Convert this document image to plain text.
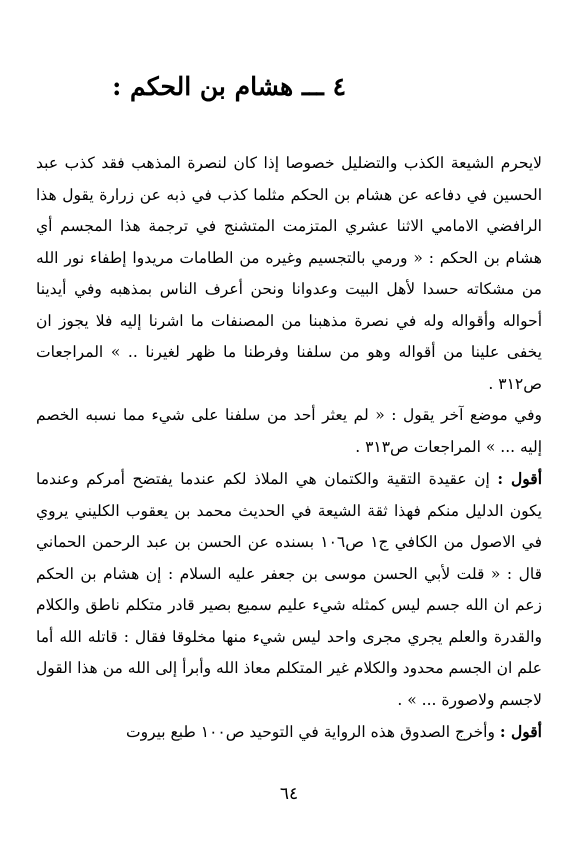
٤ ـــ هشام بن الحكم :

لايحرم الشيعة الكذب والتضليل خصوصا إذا كان لنصرة المذهب فقد كذب عبد الحسين في دفاعه عن هشام بن الحكم مثلما كذب في ذبه عن زرارة يقول هذا الرافضي الامامي الاثنا عشري المتزمت المتشنج في ترجمة هذا المجسم أي هشام بن الحكم : « ورمي بالتجسيم وغيره من الطامات مريدوا إطفاء نور الله من مشكاته حسدا لأهل البيت وعدوانا ونحن أعرف الناس بمذهبه وفي أيدينا أحواله وأقواله وله في نصرة مذهبنا من المصنفات ما اشرنا إليه فلا يجوز ان يخفى علينا من أقواله وهو من سلفنا وفرطنا ما ظهر لغيرنا .. » المراجعات ص٣١٢ .

وفي موضع آخر يقول : « لم يعثر أحد من سلفنا على شيء مما نسبه الخصم إليه ... » المراجعات ص٣١٣ .

أقول : إن عقيدة التقية والكتمان هي الملاذ لكم عندما يفتضح أمركم وعندما يكون الدليل منكم فهذا ثقة الشيعة في الحديث محمد بن يعقوب الكليني يروي في الاصول من الكافي ج١ ص١٠٦ بسنده عن الحسن بن عبد الرحمن الحماني قال : « قلت لأبي الحسن موسى بن جعفر عليه السلام : إن هشام بن الحكم زعم ان الله جسم ليس كمثله شيء عليم سميع بصير قادر متكلم ناطق والكلام والقدرة والعلم يجري مجرى واحد ليس شيء منها مخلوقا فقال : قاتله الله أما علم ان الجسم محدود والكلام غير المتكلم معاذ الله وأبرأ إلى الله من هذا القول لاجسم ولاصورة ... » .

أقول : وأخرج الصدوق هذه الرواية في التوحيد ص١٠٠ طبع بيروت

٦٤
